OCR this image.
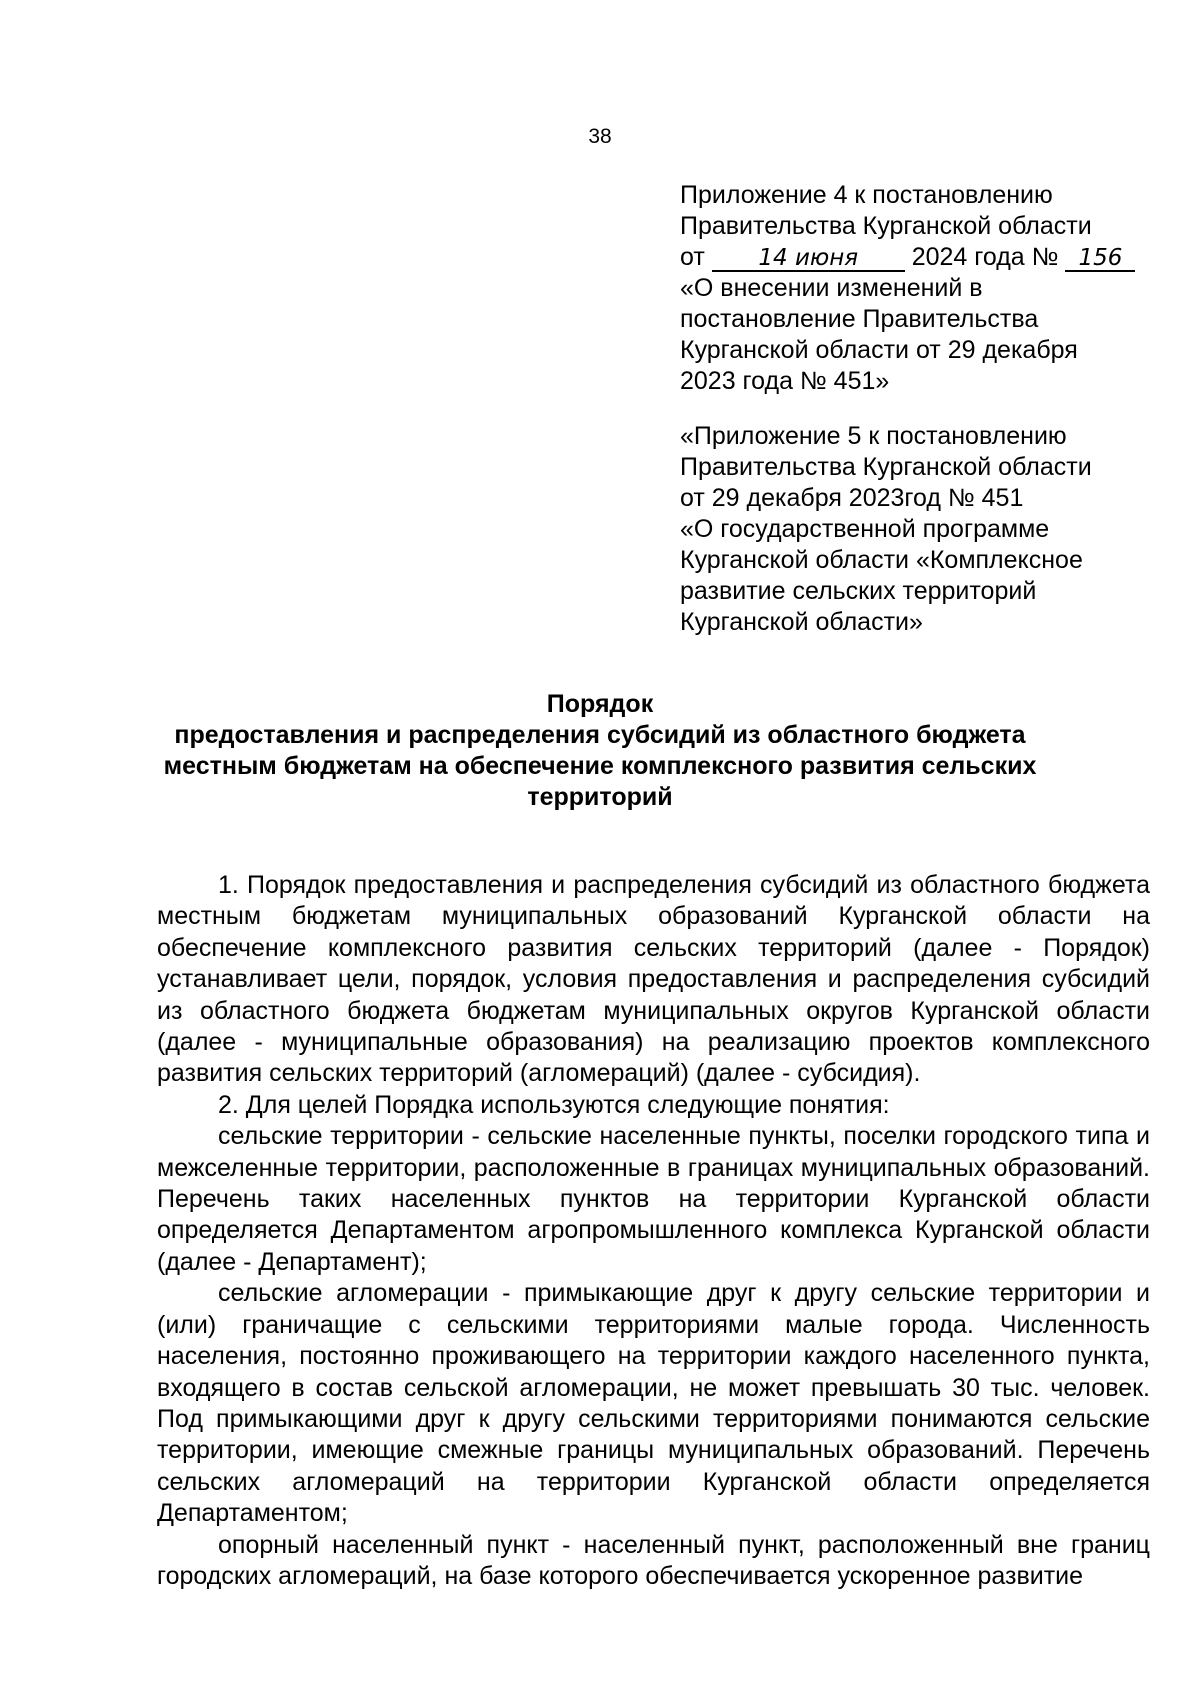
38
Приложение 4 к постановлению
Правительства Курганской области
от 14 июня 2024 года № 156
«О внесении изменений в
постановление Правительства
Курганской области от 29 декабря
2023 года № 451»
«Приложение 5 к постановлению
Правительства Курганской области
от 29 декабря 2023год № 451
«О государственной программе
Курганской области «Комплексное
развитие сельских территорий
Курганской области»
Порядок
предоставления и распределения субсидий из областного бюджета
местным бюджетам на обеспечение комплексного развития сельских
территорий

1. Порядок предоставления и распределения субсидий из областного бюджета местным бюджетам муниципальных образований Курганской области на обеспечение комплексного развития сельских территорий (далее - Порядок) устанавливает цели, порядок, условия предоставления и распределения субсидий из областного бюджета бюджетам муниципальных округов Курганской области (далее - муниципальные образования) на реализацию проектов комплексного развития сельских территорий (агломераций) (далее - субсидия).

2. Для целей Порядка используются следующие понятия:

сельские территории - сельские населенные пункты, поселки городского типа и межселенные территории, расположенные в границах муниципальных образований. Перечень таких населенных пунктов на территории Курганской области определяется Департаментом агропромышленного комплекса Курганской области (далее - Департамент);

сельские агломерации - примыкающие друг к другу сельские территории и (или) граничащие с сельскими территориями малые города. Численность населения, постоянно проживающего на территории каждого населенного пункта, входящего в состав сельской агломерации, не может превышать 30 тыс. человек. Под примыкающими друг к другу сельскими территориями понимаются сельские территории, имеющие смежные границы муниципальных образований. Перечень сельских агломераций на территории Курганской области определяется Департаментом;

опорный населенный пункт - населенный пункт, расположенный вне границ городских агломераций, на базе которого обеспечивается ускоренное развитие
